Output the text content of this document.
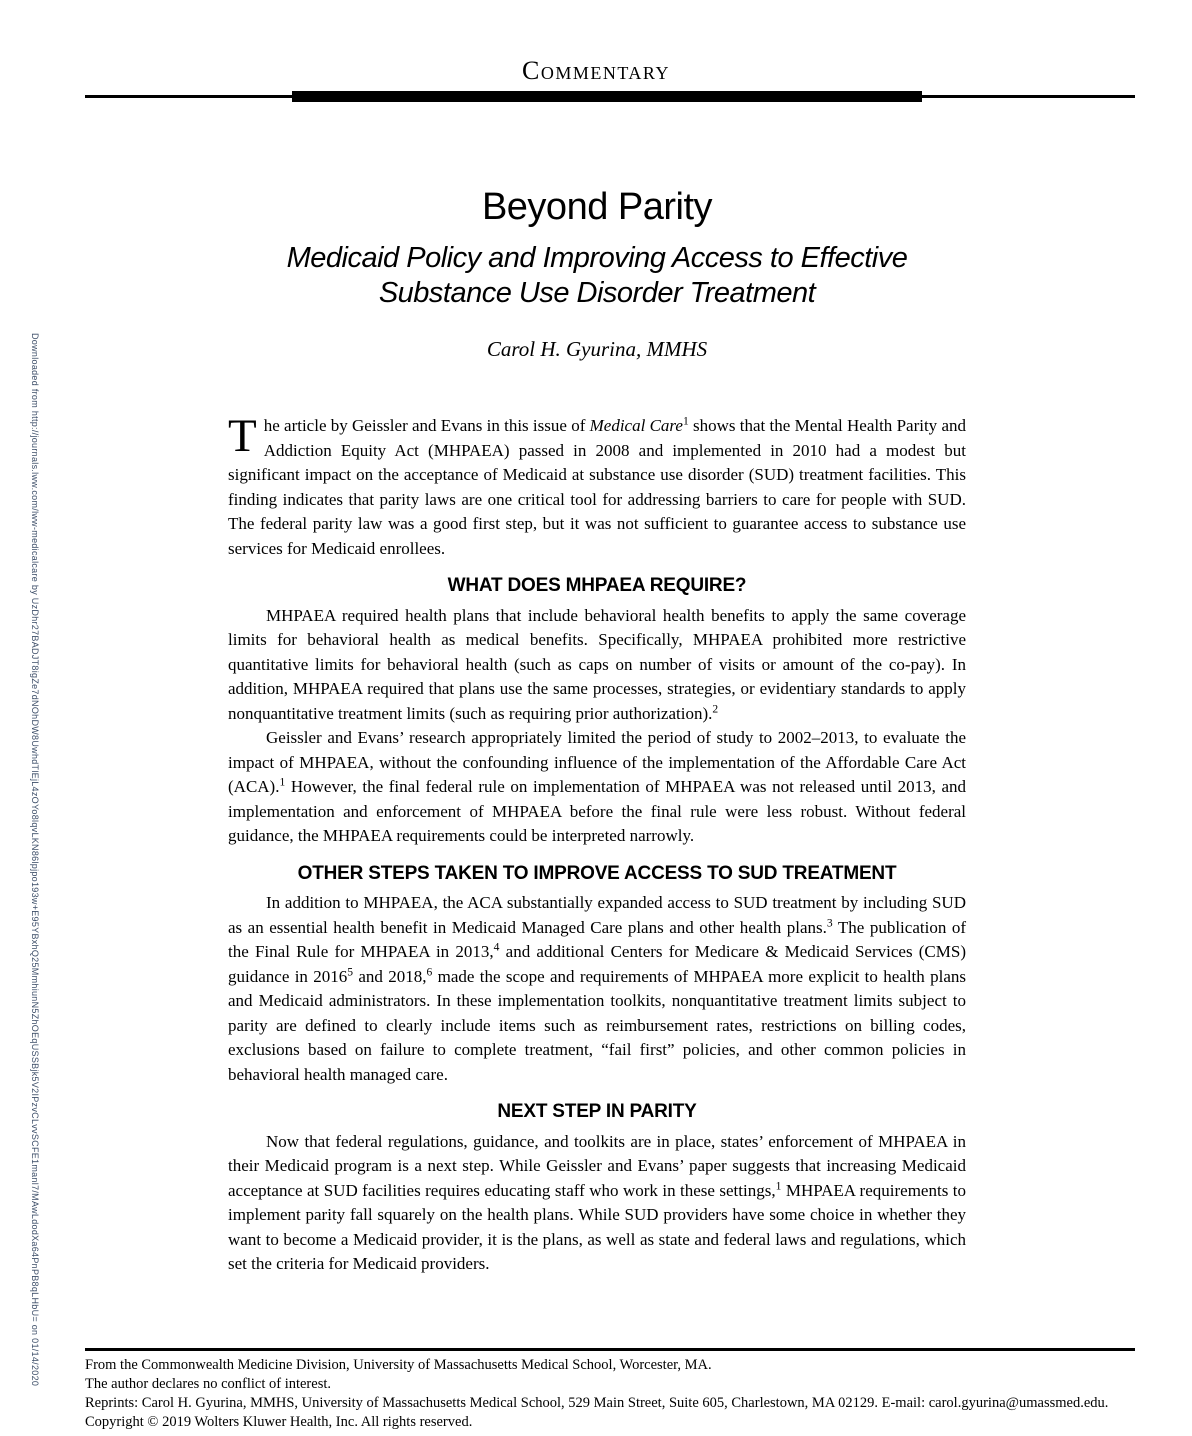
Downloaded from http://journals.lww.com/lww-medicalcare by UzDhr27BADJT8igZe7dNOhDW8UwhdTlEjL4zOYo8lqvLKN86lpjpo193w+E95YBxhQ25MmhiunN5ZhOEqUSSBjk5V2IPzvCLvvSCFE1manl7/MAwLdodXa64PnPB8qLHbU= on 01/14/2020
COMMENTARY
Beyond Parity
Medicaid Policy and Improving Access to Effective
Substance Use Disorder Treatment
Carol H. Gyurina, MMHS

The article by Geissler and Evans in this issue of Medical Care$^1$ shows that the Mental Health Parity and Addiction Equity Act (MHPAEA) passed in 2008 and implemented in 2010 had a modest but significant impact on the acceptance of Medicaid at substance use disorder (SUD) treatment facilities. This finding indicates that parity laws are one critical tool for addressing barriers to care for people with SUD. The federal parity law was a good first step, but it was not sufficient to guarantee access to substance use services for Medicaid enrollees.

WHAT DOES MHPAEA REQUIRE?

MHPAEA required health plans that include behavioral health benefits to apply the same coverage limits for behavioral health as medical benefits. Specifically, MHPAEA prohibited more restrictive quantitative limits for behavioral health (such as caps on number of visits or amount of the co-pay). In addition, MHPAEA required that plans use the same processes, strategies, or evidentiary standards to apply nonquantitative treatment limits (such as requiring prior authorization).$^2$

Geissler and Evans’ research appropriately limited the period of study to 2002–2013, to evaluate the impact of MHPAEA, without the confounding influence of the implementation of the Affordable Care Act (ACA).$^1$ However, the final federal rule on implementation of MHPAEA was not released until 2013, and implementation and enforcement of MHPAEA before the final rule were less robust. Without federal guidance, the MHPAEA requirements could be interpreted narrowly.

OTHER STEPS TAKEN TO IMPROVE ACCESS TO SUD TREATMENT

In addition to MHPAEA, the ACA substantially expanded access to SUD treatment by including SUD as an essential health benefit in Medicaid Managed Care plans and other health plans.$^3$ The publication of the Final Rule for MHPAEA in 2013,$^4$ and additional Centers for Medicare & Medicaid Services (CMS) guidance in 2016$^5$ and 2018,$^6$ made the scope and requirements of MHPAEA more explicit to health plans and Medicaid administrators. In these implementation toolkits, nonquantitative treatment limits subject to parity are defined to clearly include items such as reimbursement rates, restrictions on billing codes, exclusions based on failure to complete treatment, “fail first” policies, and other common policies in behavioral health managed care.

NEXT STEP IN PARITY

Now that federal regulations, guidance, and toolkits are in place, states’ enforcement of MHPAEA in their Medicaid program is a next step. While Geissler and Evans’ paper suggests that increasing Medicaid acceptance at SUD facilities requires educating staff who work in these settings,$^1$ MHPAEA requirements to implement parity fall squarely on the health plans. While SUD providers have some choice in whether they want to become a Medicaid provider, it is the plans, as well as state and federal laws and regulations, which set the criteria for Medicaid providers.

From the Commonwealth Medicine Division, University of Massachusetts Medical School, Worcester, MA.
The author declares no conflict of interest.
Reprints: Carol H. Gyurina, MMHS, University of Massachusetts Medical School, 529 Main Street, Suite 605, Charlestown, MA 02129. E-mail: carol.gyurina@umassmed.edu.
Copyright © 2019 Wolters Kluwer Health, Inc. All rights reserved.
